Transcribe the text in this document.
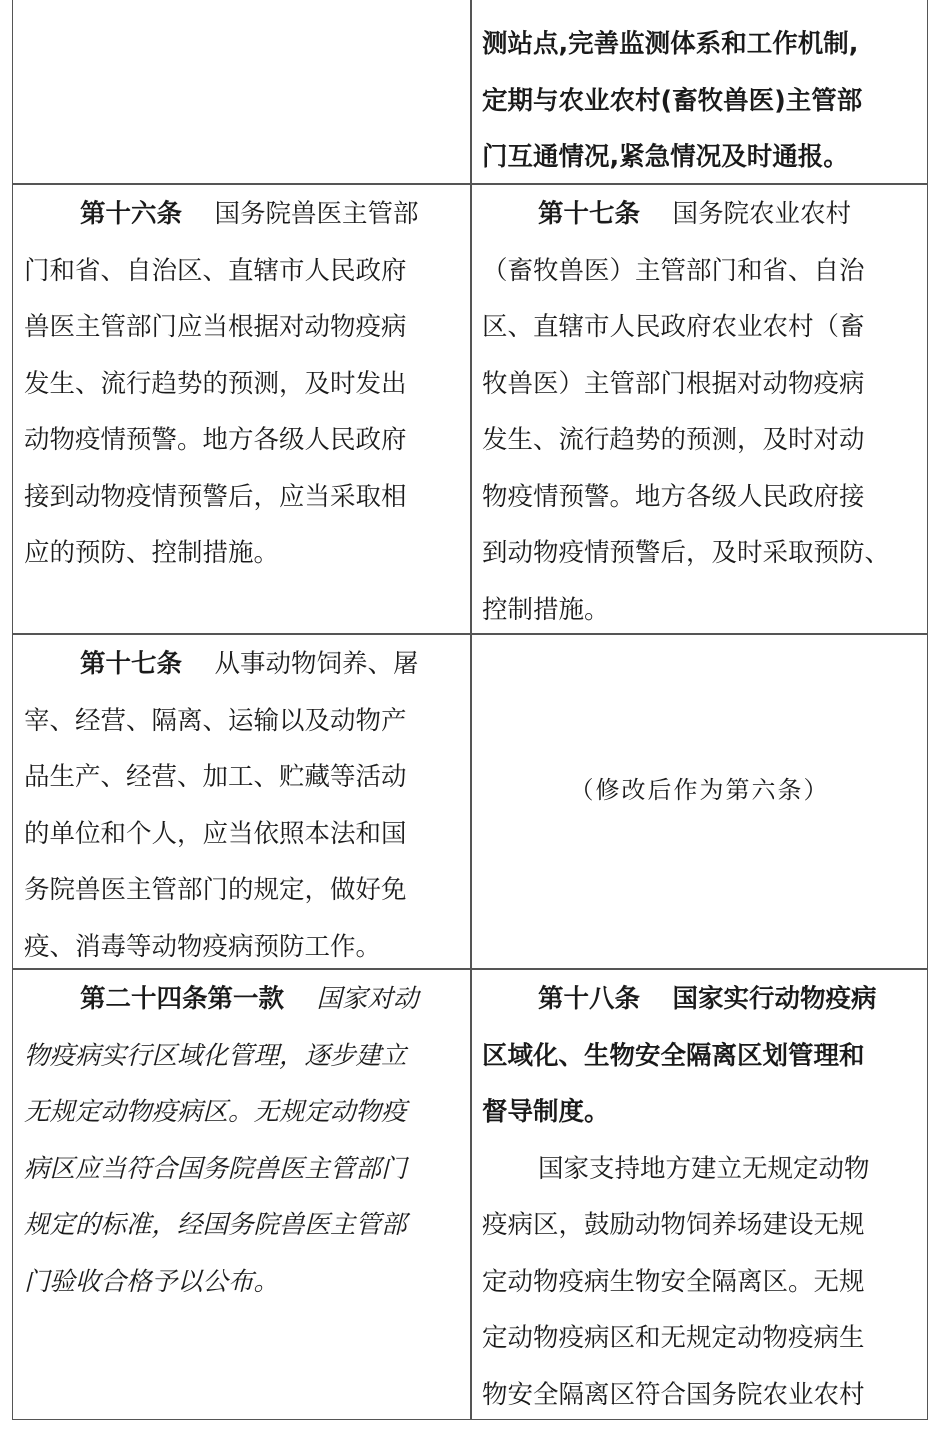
测站点,完善监测体系和工作机制,
定期与农业农村(畜牧兽医)主管部
门互通情况,紧急情况及时通报。
第十六条 国务院兽医主管部
门和省、自治区、直辖市人民政府
兽医主管部门应当根据对动物疫病
发生、流行趋势的预测，及时发出
动物疫情预警。地方各级人民政府
接到动物疫情预警后，应当采取相
应的预防、控制措施。
第十七条 国务院农业农村
（畜牧兽医）主管部门和省、自治
区、直辖市人民政府农业农村（畜
牧兽医）主管部门根据对动物疫病
发生、流行趋势的预测，及时对动
物疫情预警。地方各级人民政府接
到动物疫情预警后，及时采取预防、
控制措施。
第十七条 从事动物饲养、屠
宰、经营、隔离、运输以及动物产
品生产、经营、加工、贮藏等活动
的单位和个人，应当依照本法和国
务院兽医主管部门的规定，做好免
疫、消毒等动物疫病预防工作。
（修改后作为第六条）
第二十四条第一款 国家对动
物疫病实行区域化管理，逐步建立
无规定动物疫病区。无规定动物疫
病区应当符合国务院兽医主管部门
规定的标准，经国务院兽医主管部
门验收合格予以公布。
第十八条 国家实行动物疫病
区域化、生物安全隔离区划管理和
督导制度。
国家支持地方建立无规定动物
疫病区，鼓励动物饲养场建设无规
定动物疫病生物安全隔离区。无规
定动物疫病区和无规定动物疫病生
物安全隔离区符合国务院农业农村
